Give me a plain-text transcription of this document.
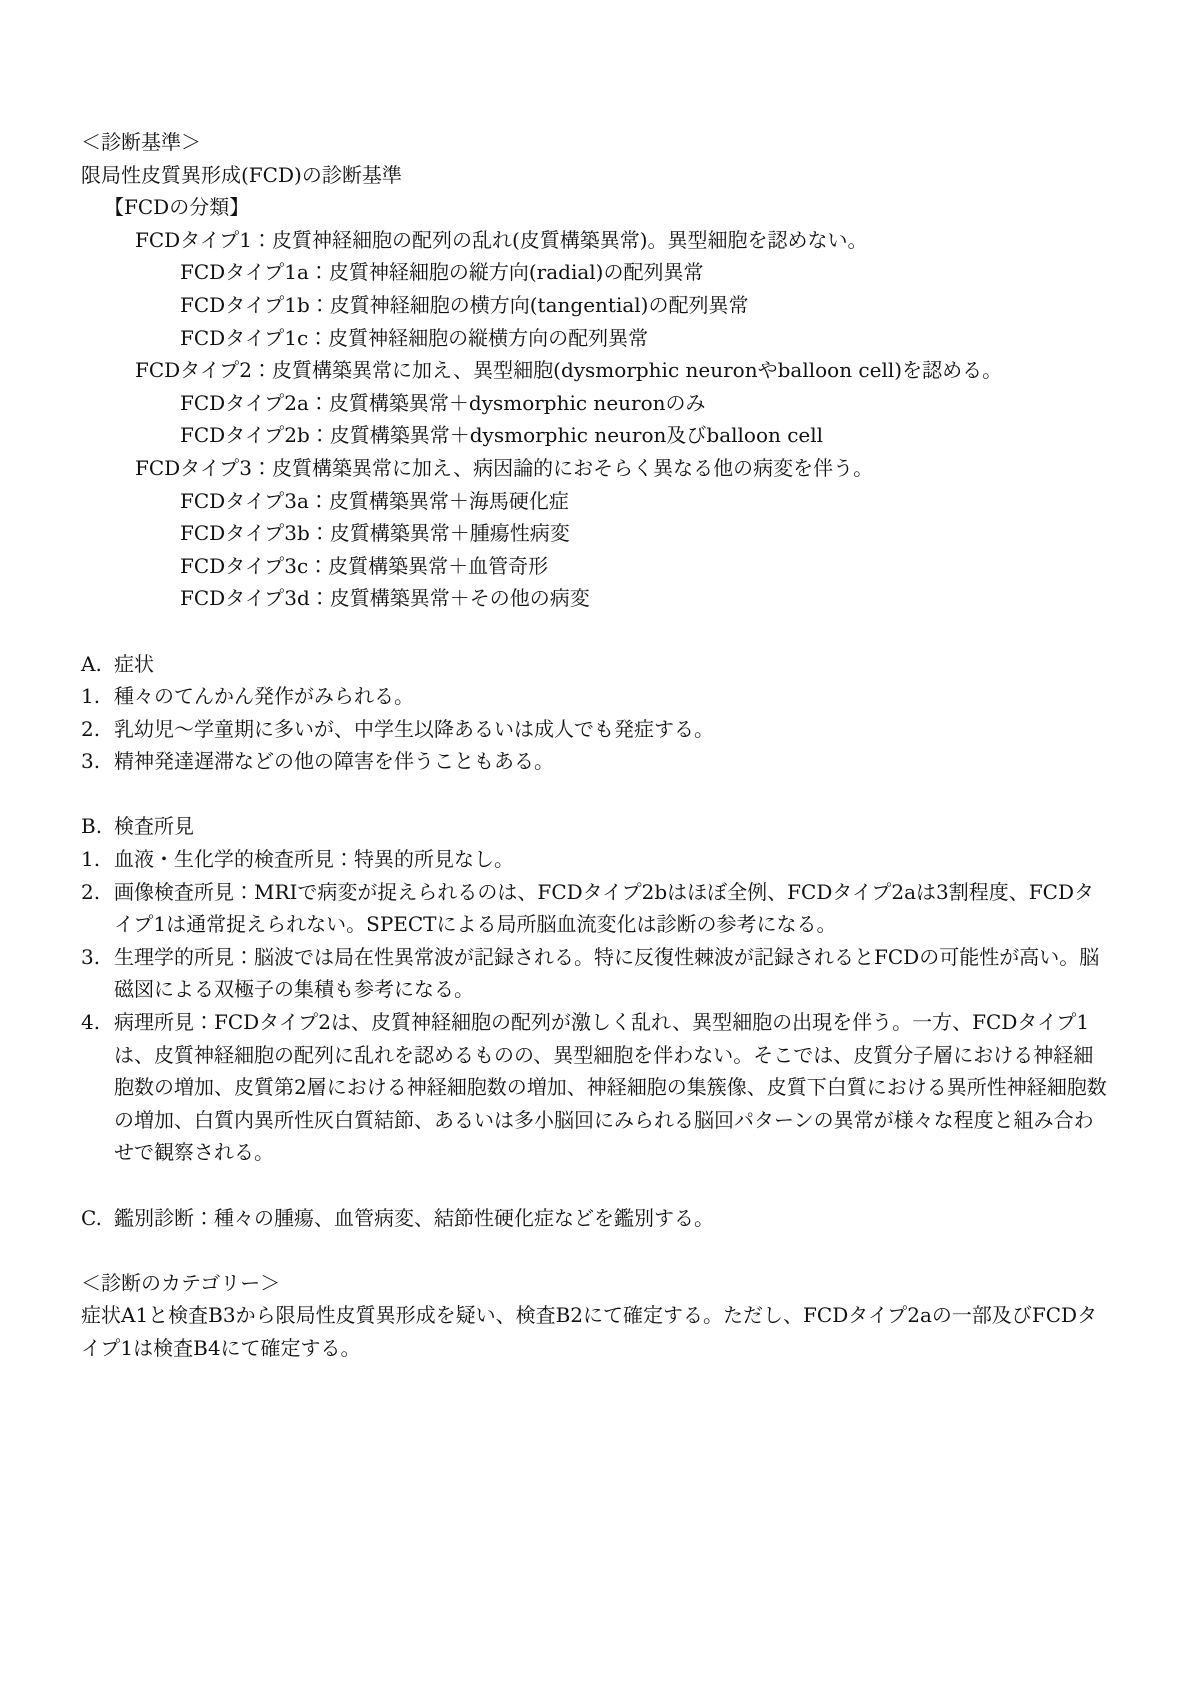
＜診断基準＞

限局性皮質異形成(FCD)の診断基準

【FCDの分類】

FCDタイプ1：皮質神経細胞の配列の乱れ(皮質構築異常)。異型細胞を認めない。

FCDタイプ1a：皮質神経細胞の縦方向(radial)の配列異常

FCDタイプ1b：皮質神経細胞の横方向(tangential)の配列異常

FCDタイプ1c：皮質神経細胞の縦横方向の配列異常

FCDタイプ2：皮質構築異常に加え、異型細胞(dysmorphic neuronやballoon cell)を認める。

FCDタイプ2a：皮質構築異常＋dysmorphic neuronのみ

FCDタイプ2b：皮質構築異常＋dysmorphic neuron及びballoon cell

FCDタイプ3：皮質構築異常に加え、病因論的におそらく異なる他の病変を伴う。

FCDタイプ3a：皮質構築異常＋海馬硬化症

FCDタイプ3b：皮質構築異常＋腫瘍性病変

FCDタイプ3c：皮質構築異常＋血管奇形

FCDタイプ3d：皮質構築異常＋その他の病変

A. 症状
1. 種々のてんかん発作がみられる。
2. 乳幼児～学童期に多いが、中学生以降あるいは成人でも発症する。
3. 精神発達遅滞などの他の障害を伴うこともある。
B. 検査所見
1. 血液・生化学的検査所見：特異的所見なし。
2. 画像検査所見：MRIで病変が捉えられるのは、FCDタイプ2bはほぼ全例、FCDタイプ2aは3割程度、FCDタイプ1は通常捉えられない。SPECTによる局所脳血流変化は診断の参考になる。
3. 生理学的所見：脳波では局在性異常波が記録される。特に反復性棘波が記録されるとFCDの可能性が高い。脳磁図による双極子の集積も参考になる。
4. 病理所見：FCDタイプ2は、皮質神経細胞の配列が激しく乱れ、異型細胞の出現を伴う。一方、FCDタイプ1は、皮質神経細胞の配列に乱れを認めるものの、異型細胞を伴わない。そこでは、皮質分子層における神経細胞数の増加、皮質第2層における神経細胞数の増加、神経細胞の集簇像、皮質下白質における異所性神経細胞数の増加、白質内異所性灰白質結節、あるいは多小脳回にみられる脳回パターンの異常が様々な程度と組み合わせで観察される。
C. 鑑別診断：種々の腫瘍、血管病変、結節性硬化症などを鑑別する。

＜診断のカテゴリー＞

症状A1と検査B3から限局性皮質異形成を疑い、検査B2にて確定する。ただし、FCDタイプ2aの一部及びFCDタイプ1は検査B4にて確定する。
